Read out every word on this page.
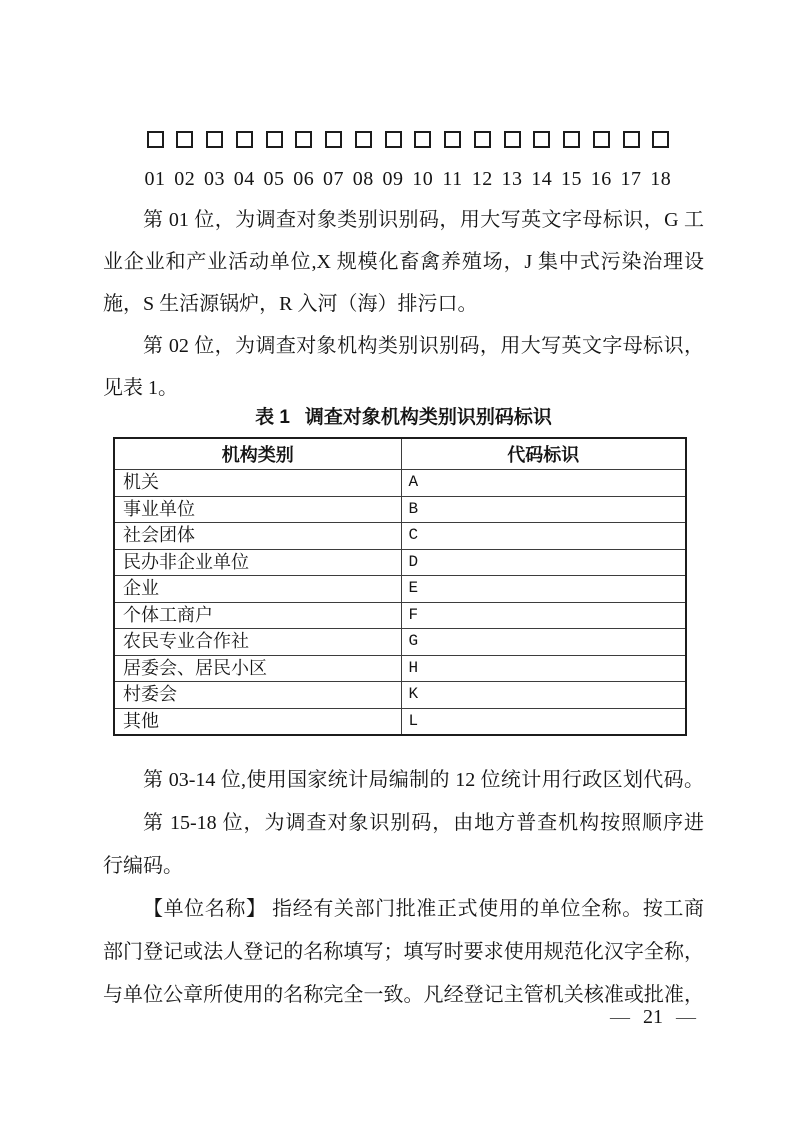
01 02 03 04 05 06 07 08 09 10 11 12 13 14 15 16 17 18
第 01 位，为调查对象类别识别码，用大写英文字母标识，G 工
业企业和产业活动单位,X 规模化畜禽养殖场，J 集中式污染治理设
施，S 生活源锅炉，R 入河（海）排污口。
第 02 位，为调查对象机构类别识别码，用大写英文字母标识，
见表 1。
表 1 调查对象机构类别识别码标识
机构类别	代码标识
机关	A
事业单位	B
社会团体	C
民办非企业单位	D
企业	E
个体工商户	F
农民专业合作社	G
居委会、居民小区	H
村委会	K
其他	L
第 03-14 位,使用国家统计局编制的 12 位统计用行政区划代码。
第 15-18 位，为调查对象识别码，由地方普查机构按照顺序进
行编码。
【单位名称】 指经有关部门批准正式使用的单位全称。按工商
部门登记或法人登记的名称填写；填写时要求使用规范化汉字全称，
与单位公章所使用的名称完全一致。凡经登记主管机关核准或批准，
— 21 —
